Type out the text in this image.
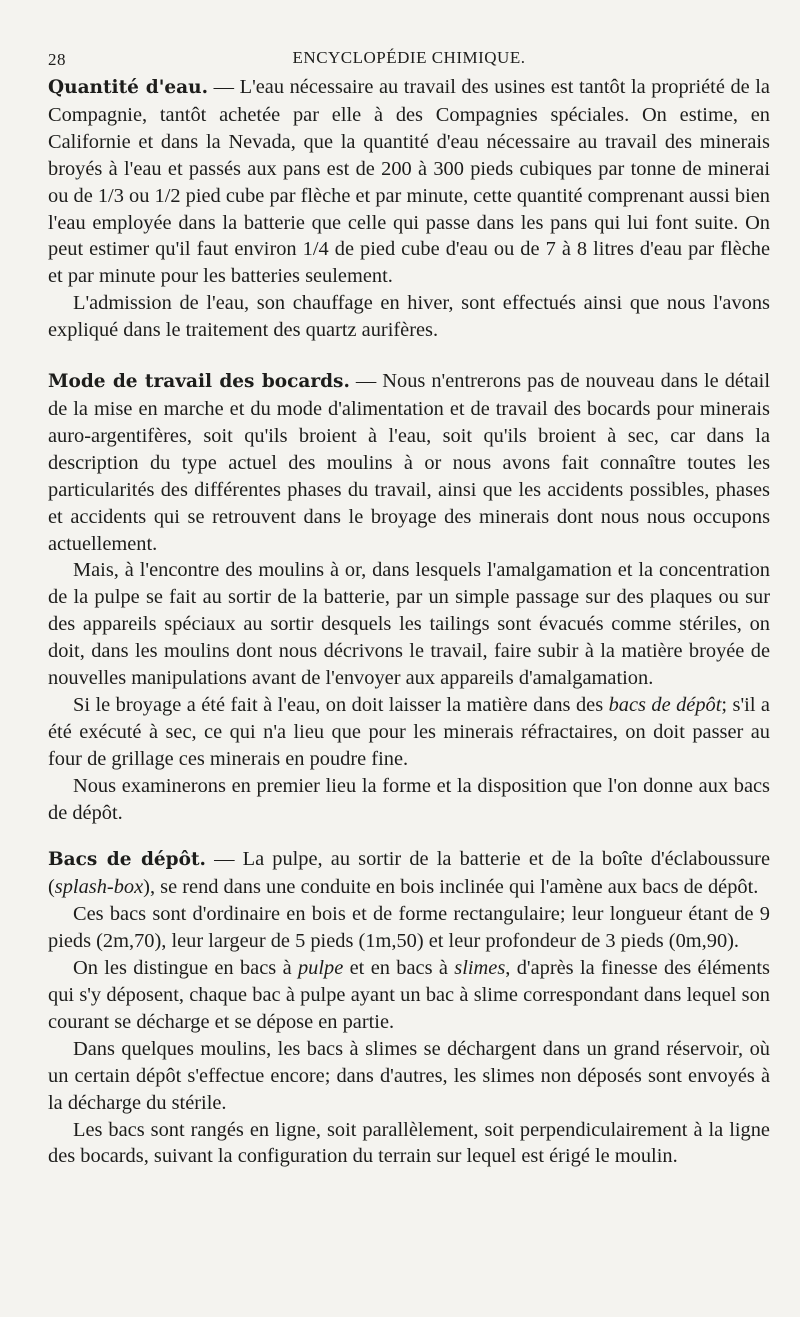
28	ENCYCLOPÉDIE CHIMIQUE.

Quantité d'eau. — L'eau nécessaire au travail des usines est tantôt la propriété de la Compagnie, tantôt achetée par elle à des Compagnies spéciales. On estime, en Californie et dans la Nevada, que la quantité d'eau nécessaire au travail des minerais broyés à l'eau et passés aux pans est de 200 à 300 pieds cubiques par tonne de minerai ou de 1/3 ou 1/2 pied cube par flèche et par minute, cette quantité comprenant aussi bien l'eau employée dans la batterie que celle qui passe dans les pans qui lui font suite. On peut estimer qu'il faut environ 1/4 de pied cube d'eau ou de 7 à 8 litres d'eau par flèche et par minute pour les batteries seulement.

L'admission de l'eau, son chauffage en hiver, sont effectués ainsi que nous l'avons expliqué dans le traitement des quartz aurifères.

Mode de travail des bocards. — Nous n'entrerons pas de nouveau dans le détail de la mise en marche et du mode d'alimentation et de travail des bocards pour minerais auro-argentifères, soit qu'ils broient à l'eau, soit qu'ils broient à sec, car dans la description du type actuel des moulins à or nous avons fait connaître toutes les particularités des différentes phases du travail, ainsi que les accidents possibles, phases et accidents qui se retrouvent dans le broyage des minerais dont nous nous occupons actuellement.

Mais, à l'encontre des moulins à or, dans lesquels l'amalgamation et la concentration de la pulpe se fait au sortir de la batterie, par un simple passage sur des plaques ou sur des appareils spéciaux au sortir desquels les tailings sont évacués comme stériles, on doit, dans les moulins dont nous décrivons le travail, faire subir à la matière broyée de nouvelles manipulations avant de l'envoyer aux appareils d'amalgamation.

Si le broyage a été fait à l'eau, on doit laisser la matière dans des bacs de dépôt; s'il a été exécuté à sec, ce qui n'a lieu que pour les minerais réfractaires, on doit passer au four de grillage ces minerais en poudre fine.

Nous examinerons en premier lieu la forme et la disposition que l'on donne aux bacs de dépôt.

Bacs de dépôt. — La pulpe, au sortir de la batterie et de la boîte d'éclaboussure (splash-box), se rend dans une conduite en bois inclinée qui l'amène aux bacs de dépôt.

Ces bacs sont d'ordinaire en bois et de forme rectangulaire; leur longueur étant de 9 pieds (2m,70), leur largeur de 5 pieds (1m,50) et leur profondeur de 3 pieds (0m,90).

On les distingue en bacs à pulpe et en bacs à slimes, d'après la finesse des éléments qui s'y déposent, chaque bac à pulpe ayant un bac à slime correspondant dans lequel son courant se décharge et se dépose en partie.

Dans quelques moulins, les bacs à slimes se déchargent dans un grand réservoir, où un certain dépôt s'effectue encore; dans d'autres, les slimes non déposés sont envoyés à la décharge du stérile.

Les bacs sont rangés en ligne, soit parallèlement, soit perpendiculairement à la ligne des bocards, suivant la configuration du terrain sur lequel est érigé le moulin.
